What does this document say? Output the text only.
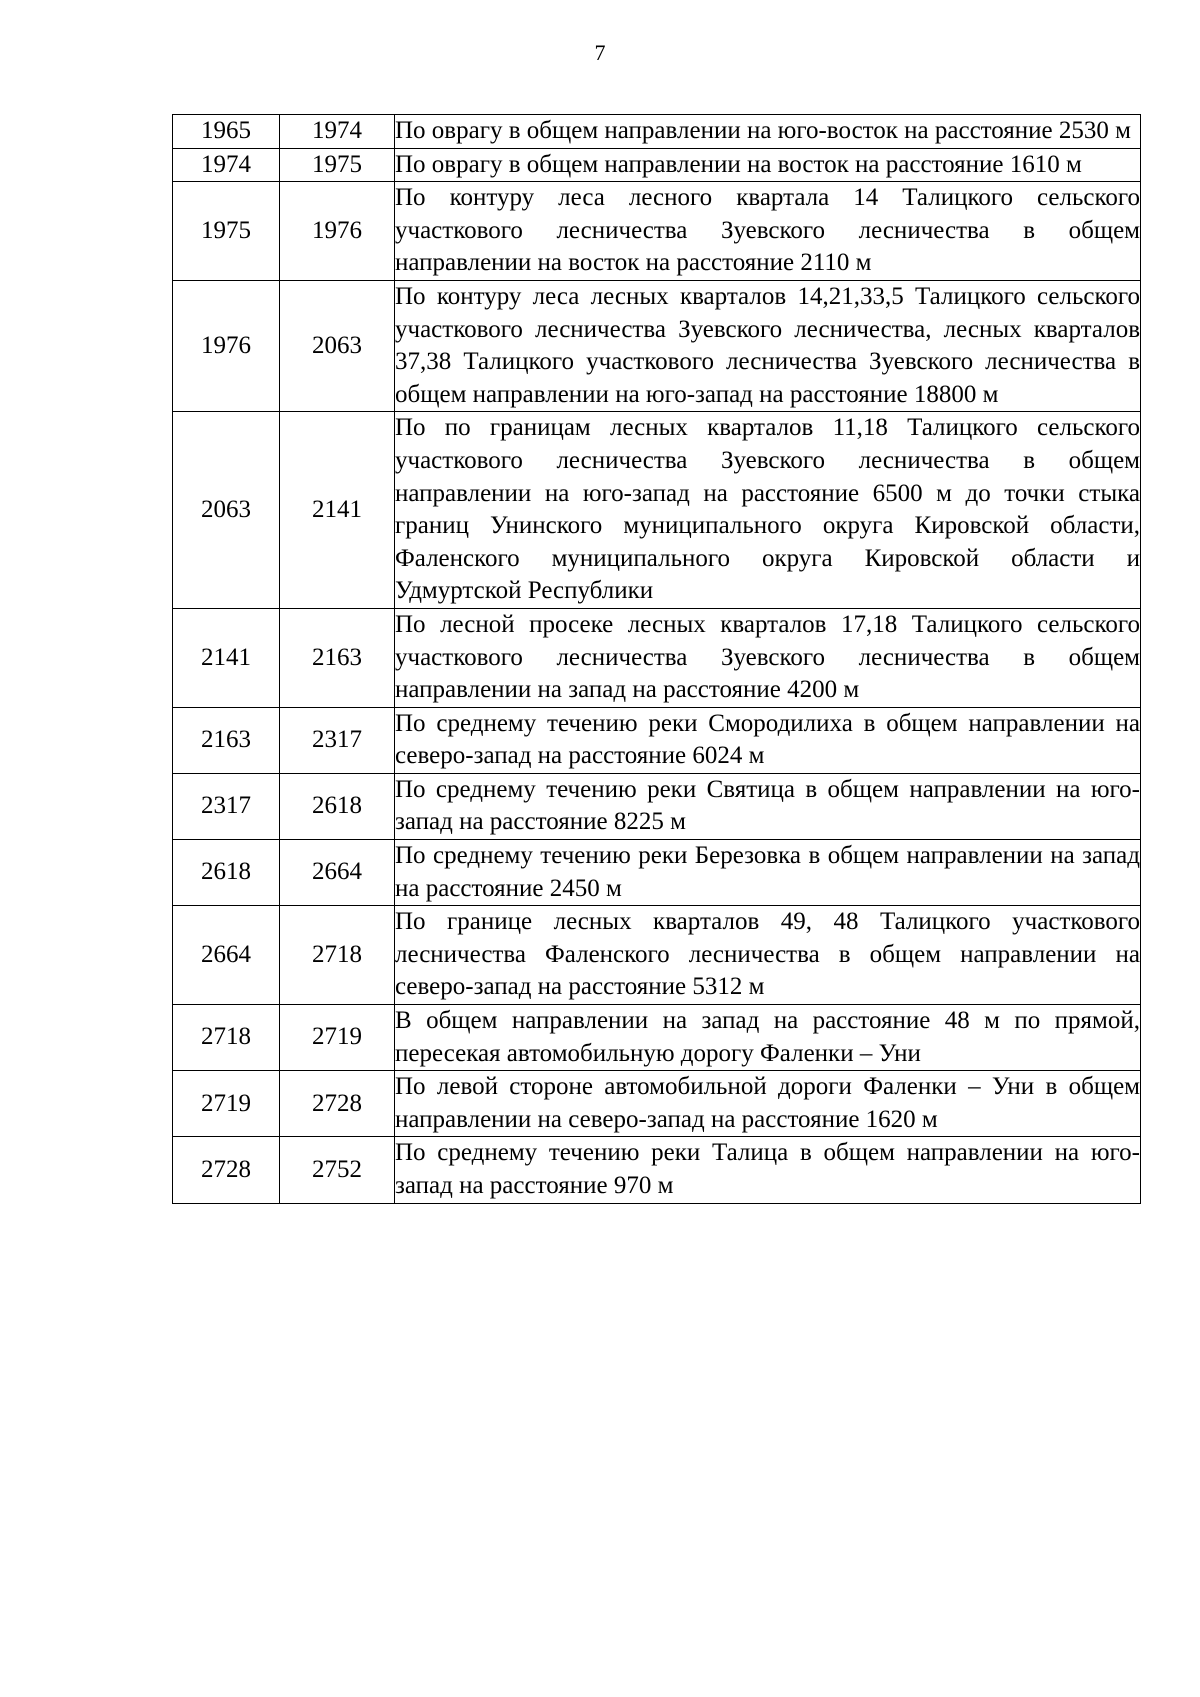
7
1965	1974	По оврагу в общем направлении на юго-восток на расстояние 2530 м
1974	1975	По оврагу в общем направлении на восток на расстояние 1610 м
1975	1976	По контуру леса лесного квартала 14 Талицкого сельского участкового лесничества Зуевского лесничества в общем направлении на восток на расстояние 2110 м
1976	2063	По контуру леса лесных кварталов 14,21,33,5 Талицкого сельского участкового лесничества Зуевского лесничества, лесных кварталов 37,38 Талицкого участкового лесничества Зуевского лесничества в общем направлении на юго-запад на расстояние 18800 м
2063	2141	По по границам лесных кварталов 11,18 Талицкого сельского участкового лесничества Зуевского лесничества в общем направлении на юго-запад на расстояние 6500 м до точки стыка границ Унинского муниципального округа Кировской области, Фаленского муниципального округа Кировской области и Удмуртской Республики
2141	2163	По лесной просеке лесных кварталов 17,18 Талицкого сельского участкового лесничества Зуевского лесничества в общем направлении на запад на расстояние 4200 м
2163	2317	По среднему течению реки Смородилиха в общем направлении на северо-запад на расстояние 6024 м
2317	2618	По среднему течению реки Святица в общем направлении на юго-запад на расстояние 8225 м
2618	2664	По среднему течению реки Березовка в общем направлении на запад на расстояние 2450 м
2664	2718	По границе лесных кварталов 49, 48 Талицкого участкового лесничества Фаленского лесничества в общем направлении на северо-запад на расстояние 5312 м
2718	2719	В общем направлении на запад на расстояние 48 м по прямой, пересекая автомобильную дорогу Фаленки – Уни
2719	2728	По левой стороне автомобильной дороги Фаленки – Уни в общем направлении на северо-запад на расстояние 1620 м
2728	2752	По среднему течению реки Талица в общем направлении на юго-запад на расстояние 970 м
